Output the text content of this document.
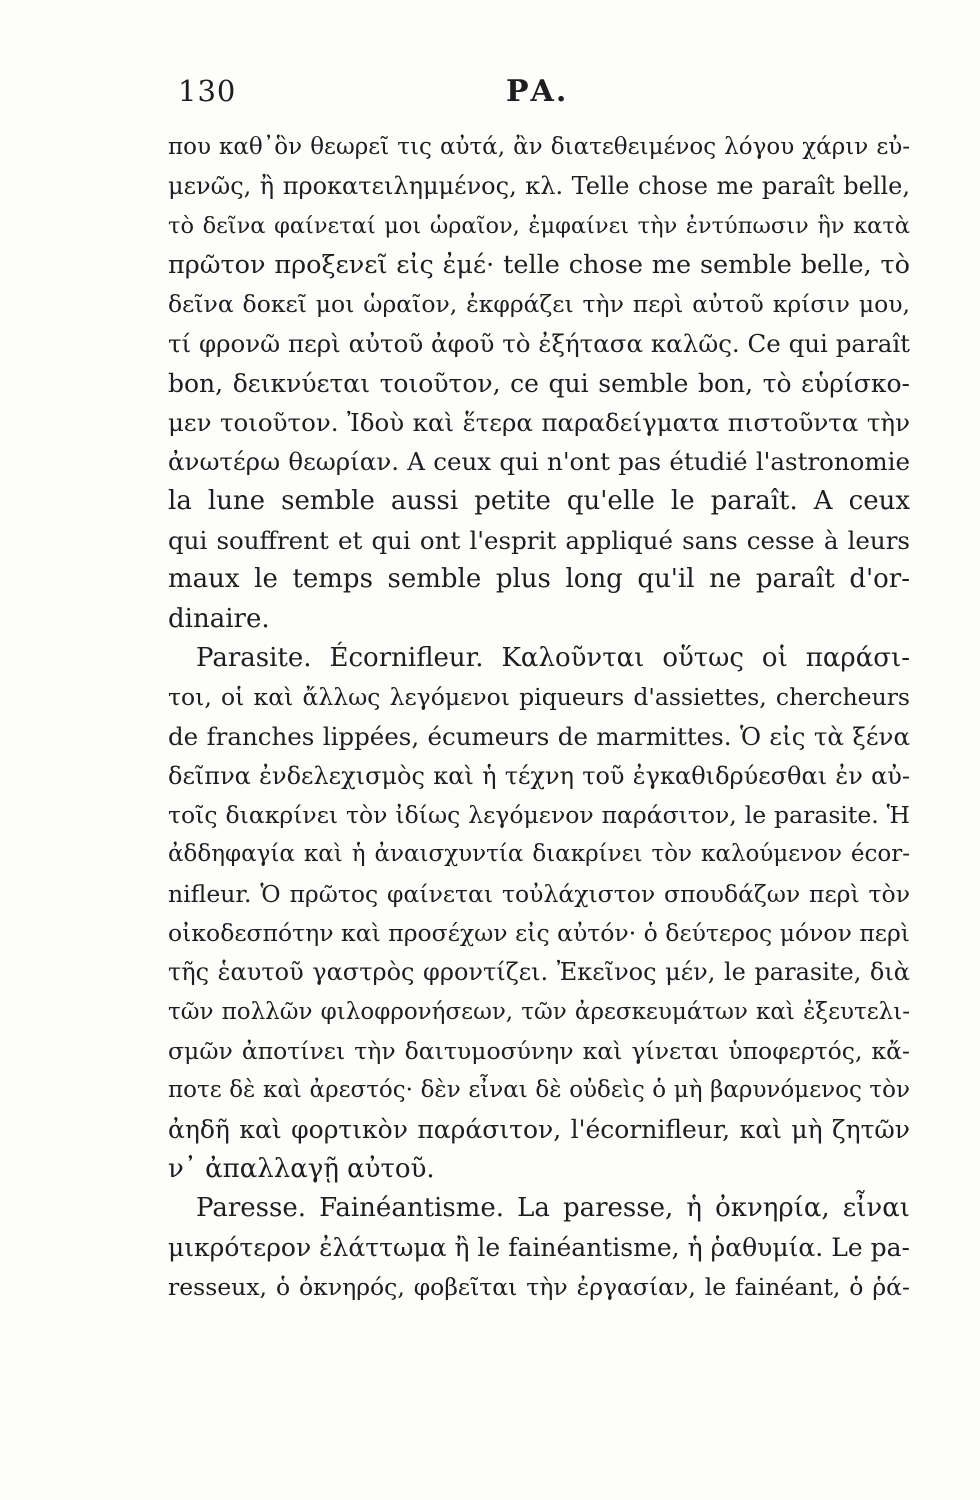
130	ΡΑ.
που καθ᾽ὃν θεωρεῖ τις αὐτά, ἂν διατεθειμένος λόγου χάριν εὐ-
μενῶς, ἢ προκατειλημμένος, κλ. Telle chose me paraît belle,
τὸ δεῖνα φαίνεταί μοι ὡραῖον, ἐμφαίνει τὴν ἐντύπωσιν ἣν κατὰ
πρῶτον προξενεῖ εἰς ἐμέ· telle chose me semble belle, τὸ
δεῖνα δοκεῖ μοι ὡραῖον, ἐκφράζει τὴν περὶ αὐτοῦ κρίσιν μου,
τί φρονῶ περὶ αὐτοῦ ἀφοῦ τὸ ἐξήτασα καλῶς. Ce qui paraît
bon, δεικνύεται τοιοῦτον, ce qui semble bon, τὸ εὑρίσκο-
μεν τοιοῦτον. Ἰδοὺ καὶ ἕτερα παραδείγματα πιστοῦντα τὴν
ἀνωτέρω θεωρίαν. A ceux qui n'ont pas étudié l'astronomie
la lune semble aussi petite qu'elle le paraît. A ceux
qui souffrent et qui ont l'esprit appliqué sans cesse à leurs
maux le temps semble plus long qu'il ne paraît d'or-
dinaire.
Parasite. Écornifleur. Καλοῦνται οὕτως οἱ παράσι-
τοι, οἱ καὶ ἄλλως λεγόμενοι piqueurs d'assiettes, chercheurs
de franches lippées, écumeurs de marmittes. Ὁ εἰς τὰ ξένα
δεῖπνα ἐνδελεχισμὸς καὶ ἡ τέχνη τοῦ ἐγκαθιδρύεσθαι ἐν αὐ-
τοῖς διακρίνει τὸν ἰδίως λεγόμενον παράσιτον, le parasite. Ἡ
ἀδδηφαγία καὶ ἡ ἀναισχυντία διακρίνει τὸν καλούμενον écor-
nifleur. Ὁ πρῶτος φαίνεται τοὐλάχιστον σπουδάζων περὶ τὸν
οἰκοδεσπότην καὶ προσέχων εἰς αὐτόν· ὁ δεύτερος μόνον περὶ
τῆς ἑαυτοῦ γαστρὸς φροντίζει. Ἐκεῖνος μέν, le parasite, διὰ
τῶν πολλῶν φιλοφρονήσεων, τῶν ἀρεσκευμάτων καὶ ἐξευτελι-
σμῶν ἀποτίνει τὴν δαιτυμοσύνην καὶ γίνεται ὑποφερτός, κἄ-
ποτε δὲ καὶ ἀρεστός· δὲν εἶναι δὲ οὐδεὶς ὁ μὴ βαρυνόμενος τὸν
ἀηδῆ καὶ φορτικὸν παράσιτον, l'écornifleur, καὶ μὴ ζητῶν
ν᾽ ἀπαλλαγῇ αὐτοῦ.
Paresse. Fainéantisme. La paresse, ἡ ὀκνηρία, εἶναι
μικρότερον ἐλάττωμα ἢ le fainéantisme, ἡ ῥαθυμία. Le pa-
resseux, ὁ ὀκνηρός, φοβεῖται τὴν ἐργασίαν, le fainéant, ὁ ῥά-
